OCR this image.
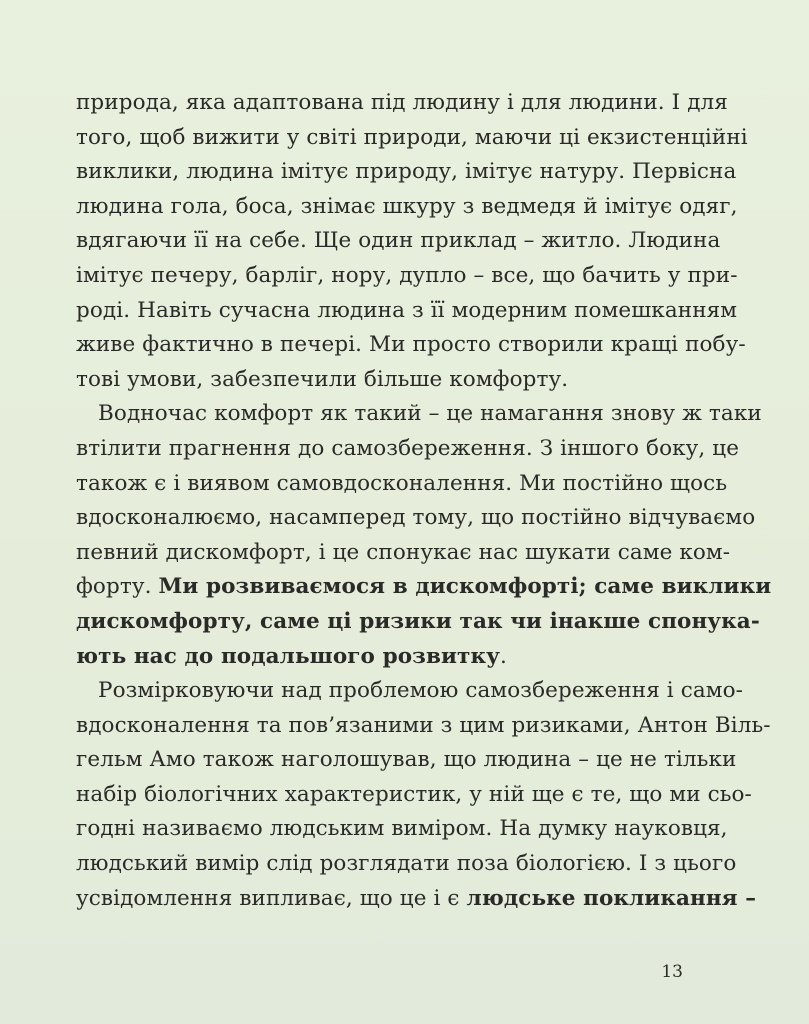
природа, яка адаптована під людину і для людини. І для
того, щоб вижити у світі природи, маючи ці екзистенційні
виклики, людина імітує природу, імітує натуру. Первісна
людина гола, боса, знімає шкуру з ведмедя й імітує одяг,
вдягаючи її на себе. Ще один приклад – житло. Людина
імітує печеру, барліг, нору, дупло – все, що бачить у при-
роді. Навіть сучасна людина з її модерним помешканням
живе фактично в печері. Ми просто створили кращі побу-
тові умови, забезпечили більше комфорту.
Водночас комфорт як такий – це намагання знову ж таки
втілити прагнення до самозбереження. З іншого боку, це
також є і виявом самовдосконалення. Ми постійно щось
вдосконалюємо, насамперед тому, що постійно відчуваємо
певний дискомфорт, і це спонукає нас шукати саме ком-
форту. Ми розвиваємося в дискомфорті; саме виклики
дискомфорту, саме ці ризики так чи інакше спонука-
ють нас до подальшого розвитку.
Розмірковуючи над проблемою самозбереження і само-
вдосконалення та пов’язаними з цим ризиками, Антон Віль-
гельм Амо також наголошував, що людина – це не тільки
набір біологічних характеристик, у ній ще є те, що ми сьо-
годні називаємо людським виміром. На думку науковця,
людський вимір слід розглядати поза біологією. І з цього
усвідомлення випливає, що це і є людське покликання –
13
